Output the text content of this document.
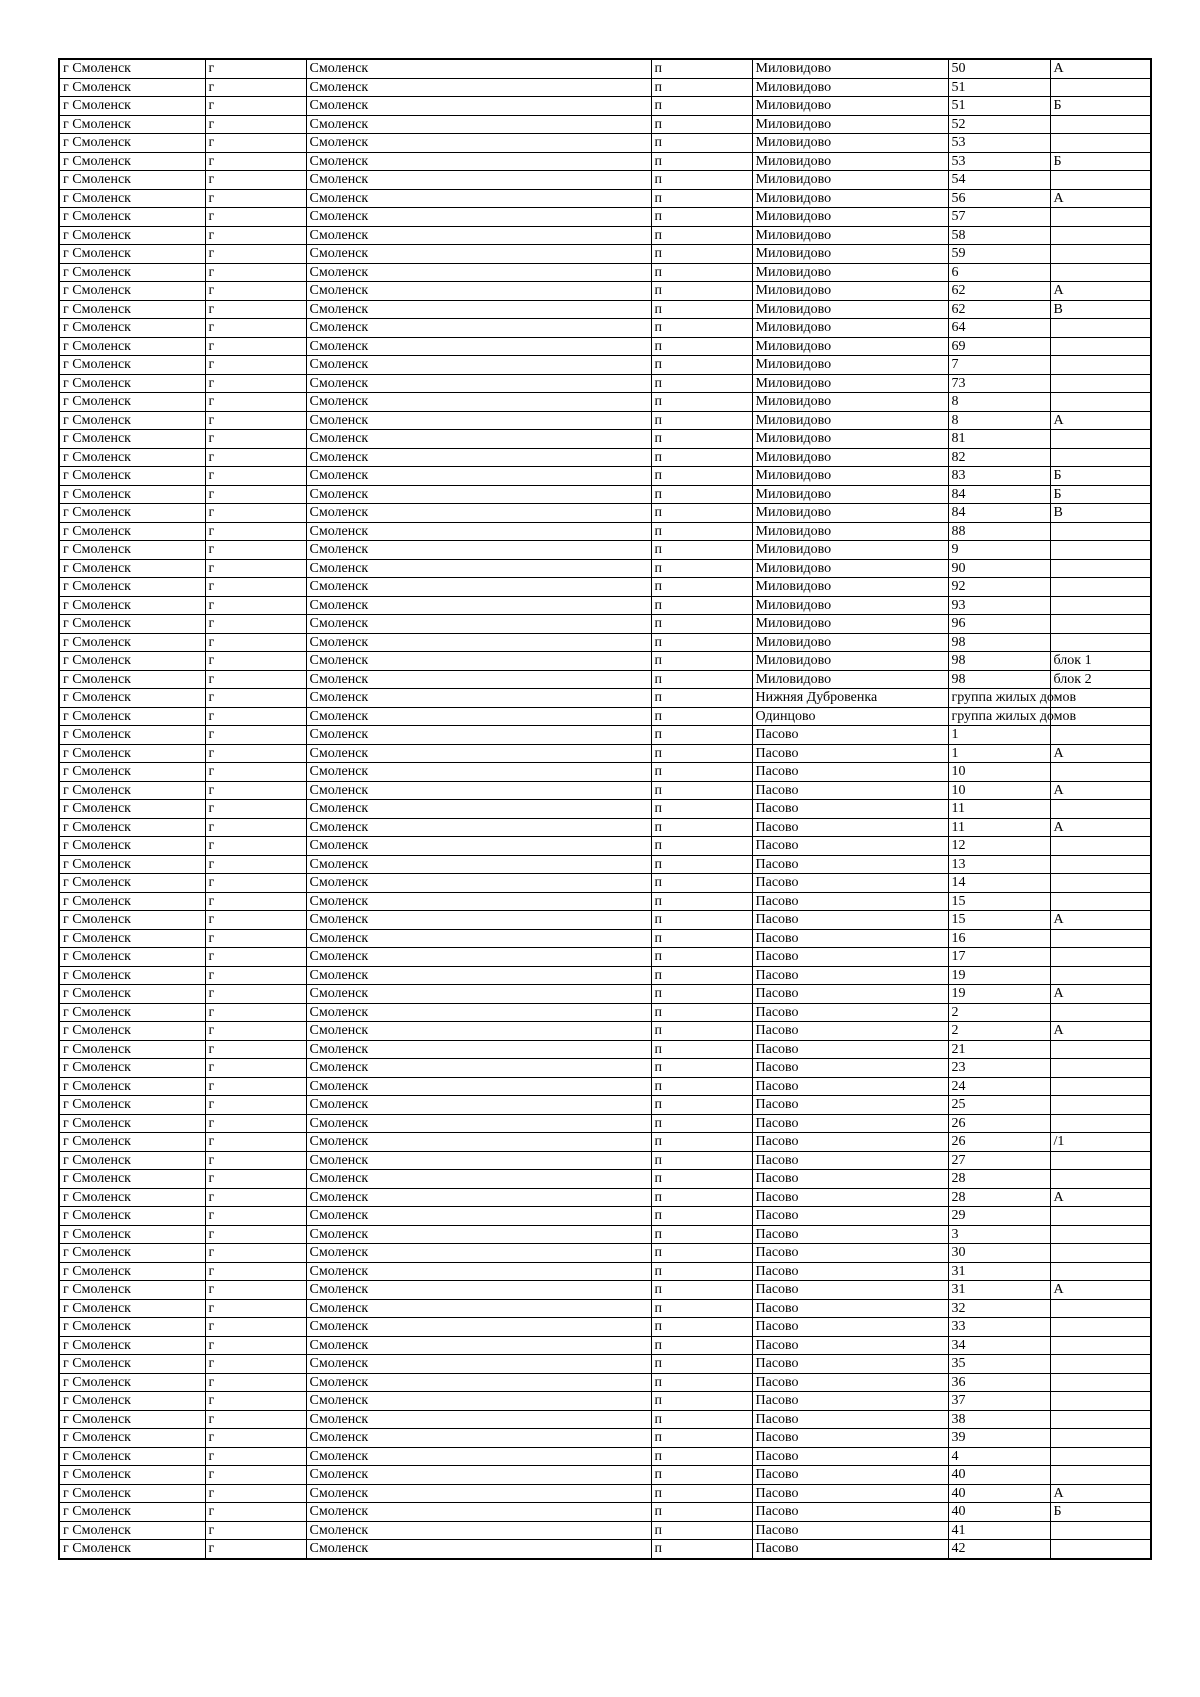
г Смоленск	г	Смоленск	п	Миловидово	50	А
г Смоленск	г	Смоленск	п	Миловидово	51	
г Смоленск	г	Смоленск	п	Миловидово	51	Б
г Смоленск	г	Смоленск	п	Миловидово	52	
г Смоленск	г	Смоленск	п	Миловидово	53	
г Смоленск	г	Смоленск	п	Миловидово	53	Б
г Смоленск	г	Смоленск	п	Миловидово	54	
г Смоленск	г	Смоленск	п	Миловидово	56	А
г Смоленск	г	Смоленск	п	Миловидово	57	
г Смоленск	г	Смоленск	п	Миловидово	58	
г Смоленск	г	Смоленск	п	Миловидово	59	
г Смоленск	г	Смоленск	п	Миловидово	6	
г Смоленск	г	Смоленск	п	Миловидово	62	А
г Смоленск	г	Смоленск	п	Миловидово	62	В
г Смоленск	г	Смоленск	п	Миловидово	64	
г Смоленск	г	Смоленск	п	Миловидово	69	
г Смоленск	г	Смоленск	п	Миловидово	7	
г Смоленск	г	Смоленск	п	Миловидово	73	
г Смоленск	г	Смоленск	п	Миловидово	8	
г Смоленск	г	Смоленск	п	Миловидово	8	А
г Смоленск	г	Смоленск	п	Миловидово	81	
г Смоленск	г	Смоленск	п	Миловидово	82	
г Смоленск	г	Смоленск	п	Миловидово	83	Б
г Смоленск	г	Смоленск	п	Миловидово	84	Б
г Смоленск	г	Смоленск	п	Миловидово	84	В
г Смоленск	г	Смоленск	п	Миловидово	88	
г Смоленск	г	Смоленск	п	Миловидово	9	
г Смоленск	г	Смоленск	п	Миловидово	90	
г Смоленск	г	Смоленск	п	Миловидово	92	
г Смоленск	г	Смоленск	п	Миловидово	93	
г Смоленск	г	Смоленск	п	Миловидово	96	
г Смоленск	г	Смоленск	п	Миловидово	98	
г Смоленск	г	Смоленск	п	Миловидово	98	блок 1
г Смоленск	г	Смоленск	п	Миловидово	98	блок 2
г Смоленск	г	Смоленск	п	Нижняя Дубровенка	группа жилых домов	
г Смоленск	г	Смоленск	п	Одинцово	группа жилых домов	
г Смоленск	г	Смоленск	п	Пасово	1	
г Смоленск	г	Смоленск	п	Пасово	1	А
г Смоленск	г	Смоленск	п	Пасово	10	
г Смоленск	г	Смоленск	п	Пасово	10	А
г Смоленск	г	Смоленск	п	Пасово	11	
г Смоленск	г	Смоленск	п	Пасово	11	А
г Смоленск	г	Смоленск	п	Пасово	12	
г Смоленск	г	Смоленск	п	Пасово	13	
г Смоленск	г	Смоленск	п	Пасово	14	
г Смоленск	г	Смоленск	п	Пасово	15	
г Смоленск	г	Смоленск	п	Пасово	15	А
г Смоленск	г	Смоленск	п	Пасово	16	
г Смоленск	г	Смоленск	п	Пасово	17	
г Смоленск	г	Смоленск	п	Пасово	19	
г Смоленск	г	Смоленск	п	Пасово	19	А
г Смоленск	г	Смоленск	п	Пасово	2	
г Смоленск	г	Смоленск	п	Пасово	2	А
г Смоленск	г	Смоленск	п	Пасово	21	
г Смоленск	г	Смоленск	п	Пасово	23	
г Смоленск	г	Смоленск	п	Пасово	24	
г Смоленск	г	Смоленск	п	Пасово	25	
г Смоленск	г	Смоленск	п	Пасово	26	
г Смоленск	г	Смоленск	п	Пасово	26	/1
г Смоленск	г	Смоленск	п	Пасово	27	
г Смоленск	г	Смоленск	п	Пасово	28	
г Смоленск	г	Смоленск	п	Пасово	28	А
г Смоленск	г	Смоленск	п	Пасово	29	
г Смоленск	г	Смоленск	п	Пасово	3	
г Смоленск	г	Смоленск	п	Пасово	30	
г Смоленск	г	Смоленск	п	Пасово	31	
г Смоленск	г	Смоленск	п	Пасово	31	А
г Смоленск	г	Смоленск	п	Пасово	32	
г Смоленск	г	Смоленск	п	Пасово	33	
г Смоленск	г	Смоленск	п	Пасово	34	
г Смоленск	г	Смоленск	п	Пасово	35	
г Смоленск	г	Смоленск	п	Пасово	36	
г Смоленск	г	Смоленск	п	Пасово	37	
г Смоленск	г	Смоленск	п	Пасово	38	
г Смоленск	г	Смоленск	п	Пасово	39	
г Смоленск	г	Смоленск	п	Пасово	4	
г Смоленск	г	Смоленск	п	Пасово	40	
г Смоленск	г	Смоленск	п	Пасово	40	А
г Смоленск	г	Смоленск	п	Пасово	40	Б
г Смоленск	г	Смоленск	п	Пасово	41	
г Смоленск	г	Смоленск	п	Пасово	42	
